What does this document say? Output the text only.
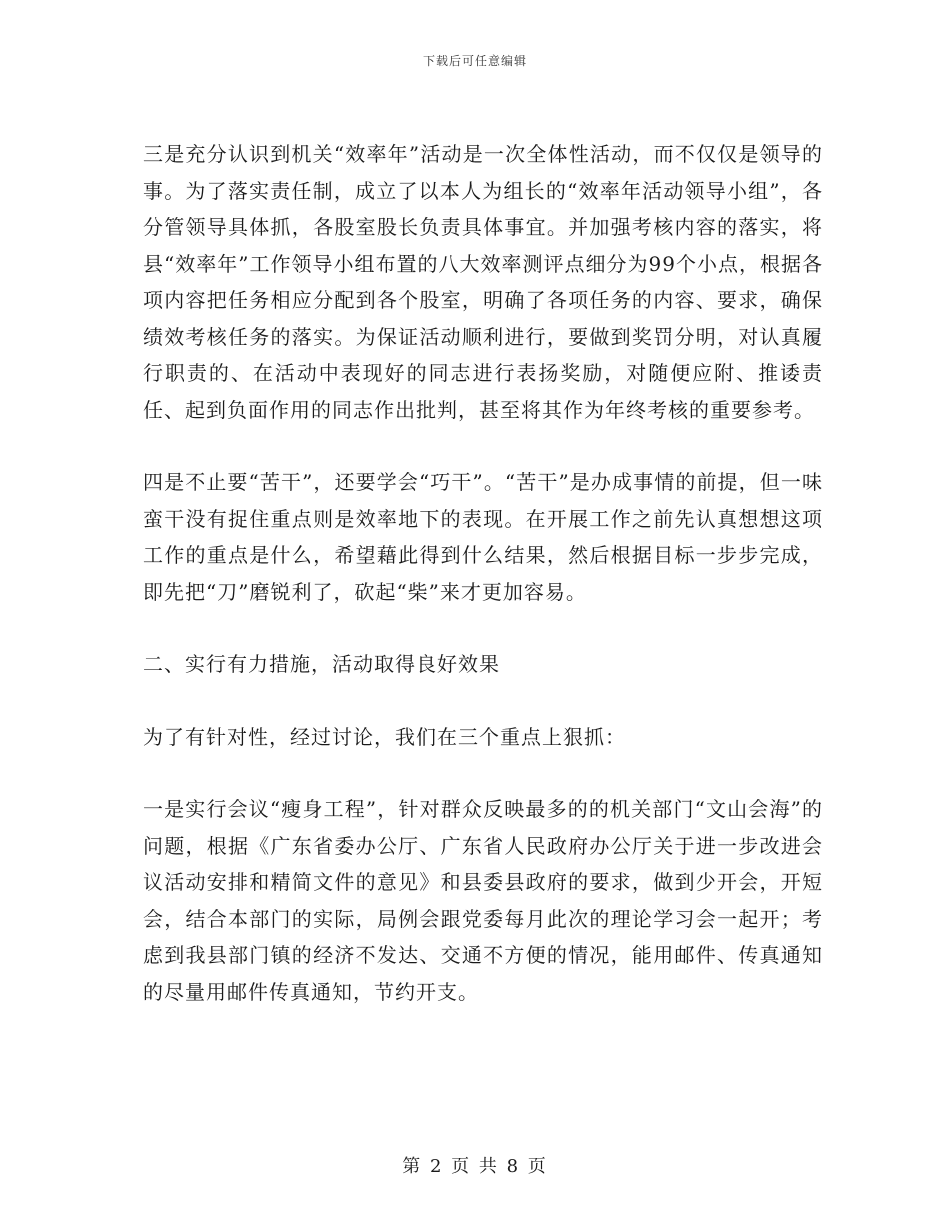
下载后可任意编辑

三是充分认识到机关“效率年”活动是一次全体性活动，而不仅仅是领导的事。为了落实责任制，成立了以本人为组长的“效率年活动领导小组”，各分管领导具体抓，各股室股长负责具体事宜。并加强考核内容的落实，将县“效率年”工作领导小组布置的八大效率测评点细分为99个小点，根据各项内容把任务相应分配到各个股室，明确了各项任务的内容、要求，确保绩效考核任务的落实。为保证活动顺利进行，要做到奖罚分明，对认真履行职责的、在活动中表现好的同志进行表扬奖励，对随便应附、推诿责任、起到负面作用的同志作出批判，甚至将其作为年终考核的重要参考。

四是不止要“苦干”，还要学会“巧干”。“苦干”是办成事情的前提，但一味蛮干没有捉住重点则是效率地下的表现。在开展工作之前先认真想想这项工作的重点是什么，希望藉此得到什么结果，然后根据目标一步步完成，即先把“刀”磨锐利了，砍起“柴”来才更加容易。

二、实行有力措施，活动取得良好效果

为了有针对性，经过讨论，我们在三个重点上狠抓：

一是实行会议“瘦身工程”，针对群众反映最多的的机关部门“文山会海”的问题，根据《广东省委办公厅、广东省人民政府办公厅关于进一步改进会议活动安排和精简文件的意见》和县委县政府的要求，做到少开会，开短会，结合本部门的实际，局例会跟党委每月此次的理论学习会一起开；考虑到我县部门镇的经济不发达、交通不方便的情况，能用邮件、传真通知的尽量用邮件传真通知，节约开支。

第 2 页 共 8 页
